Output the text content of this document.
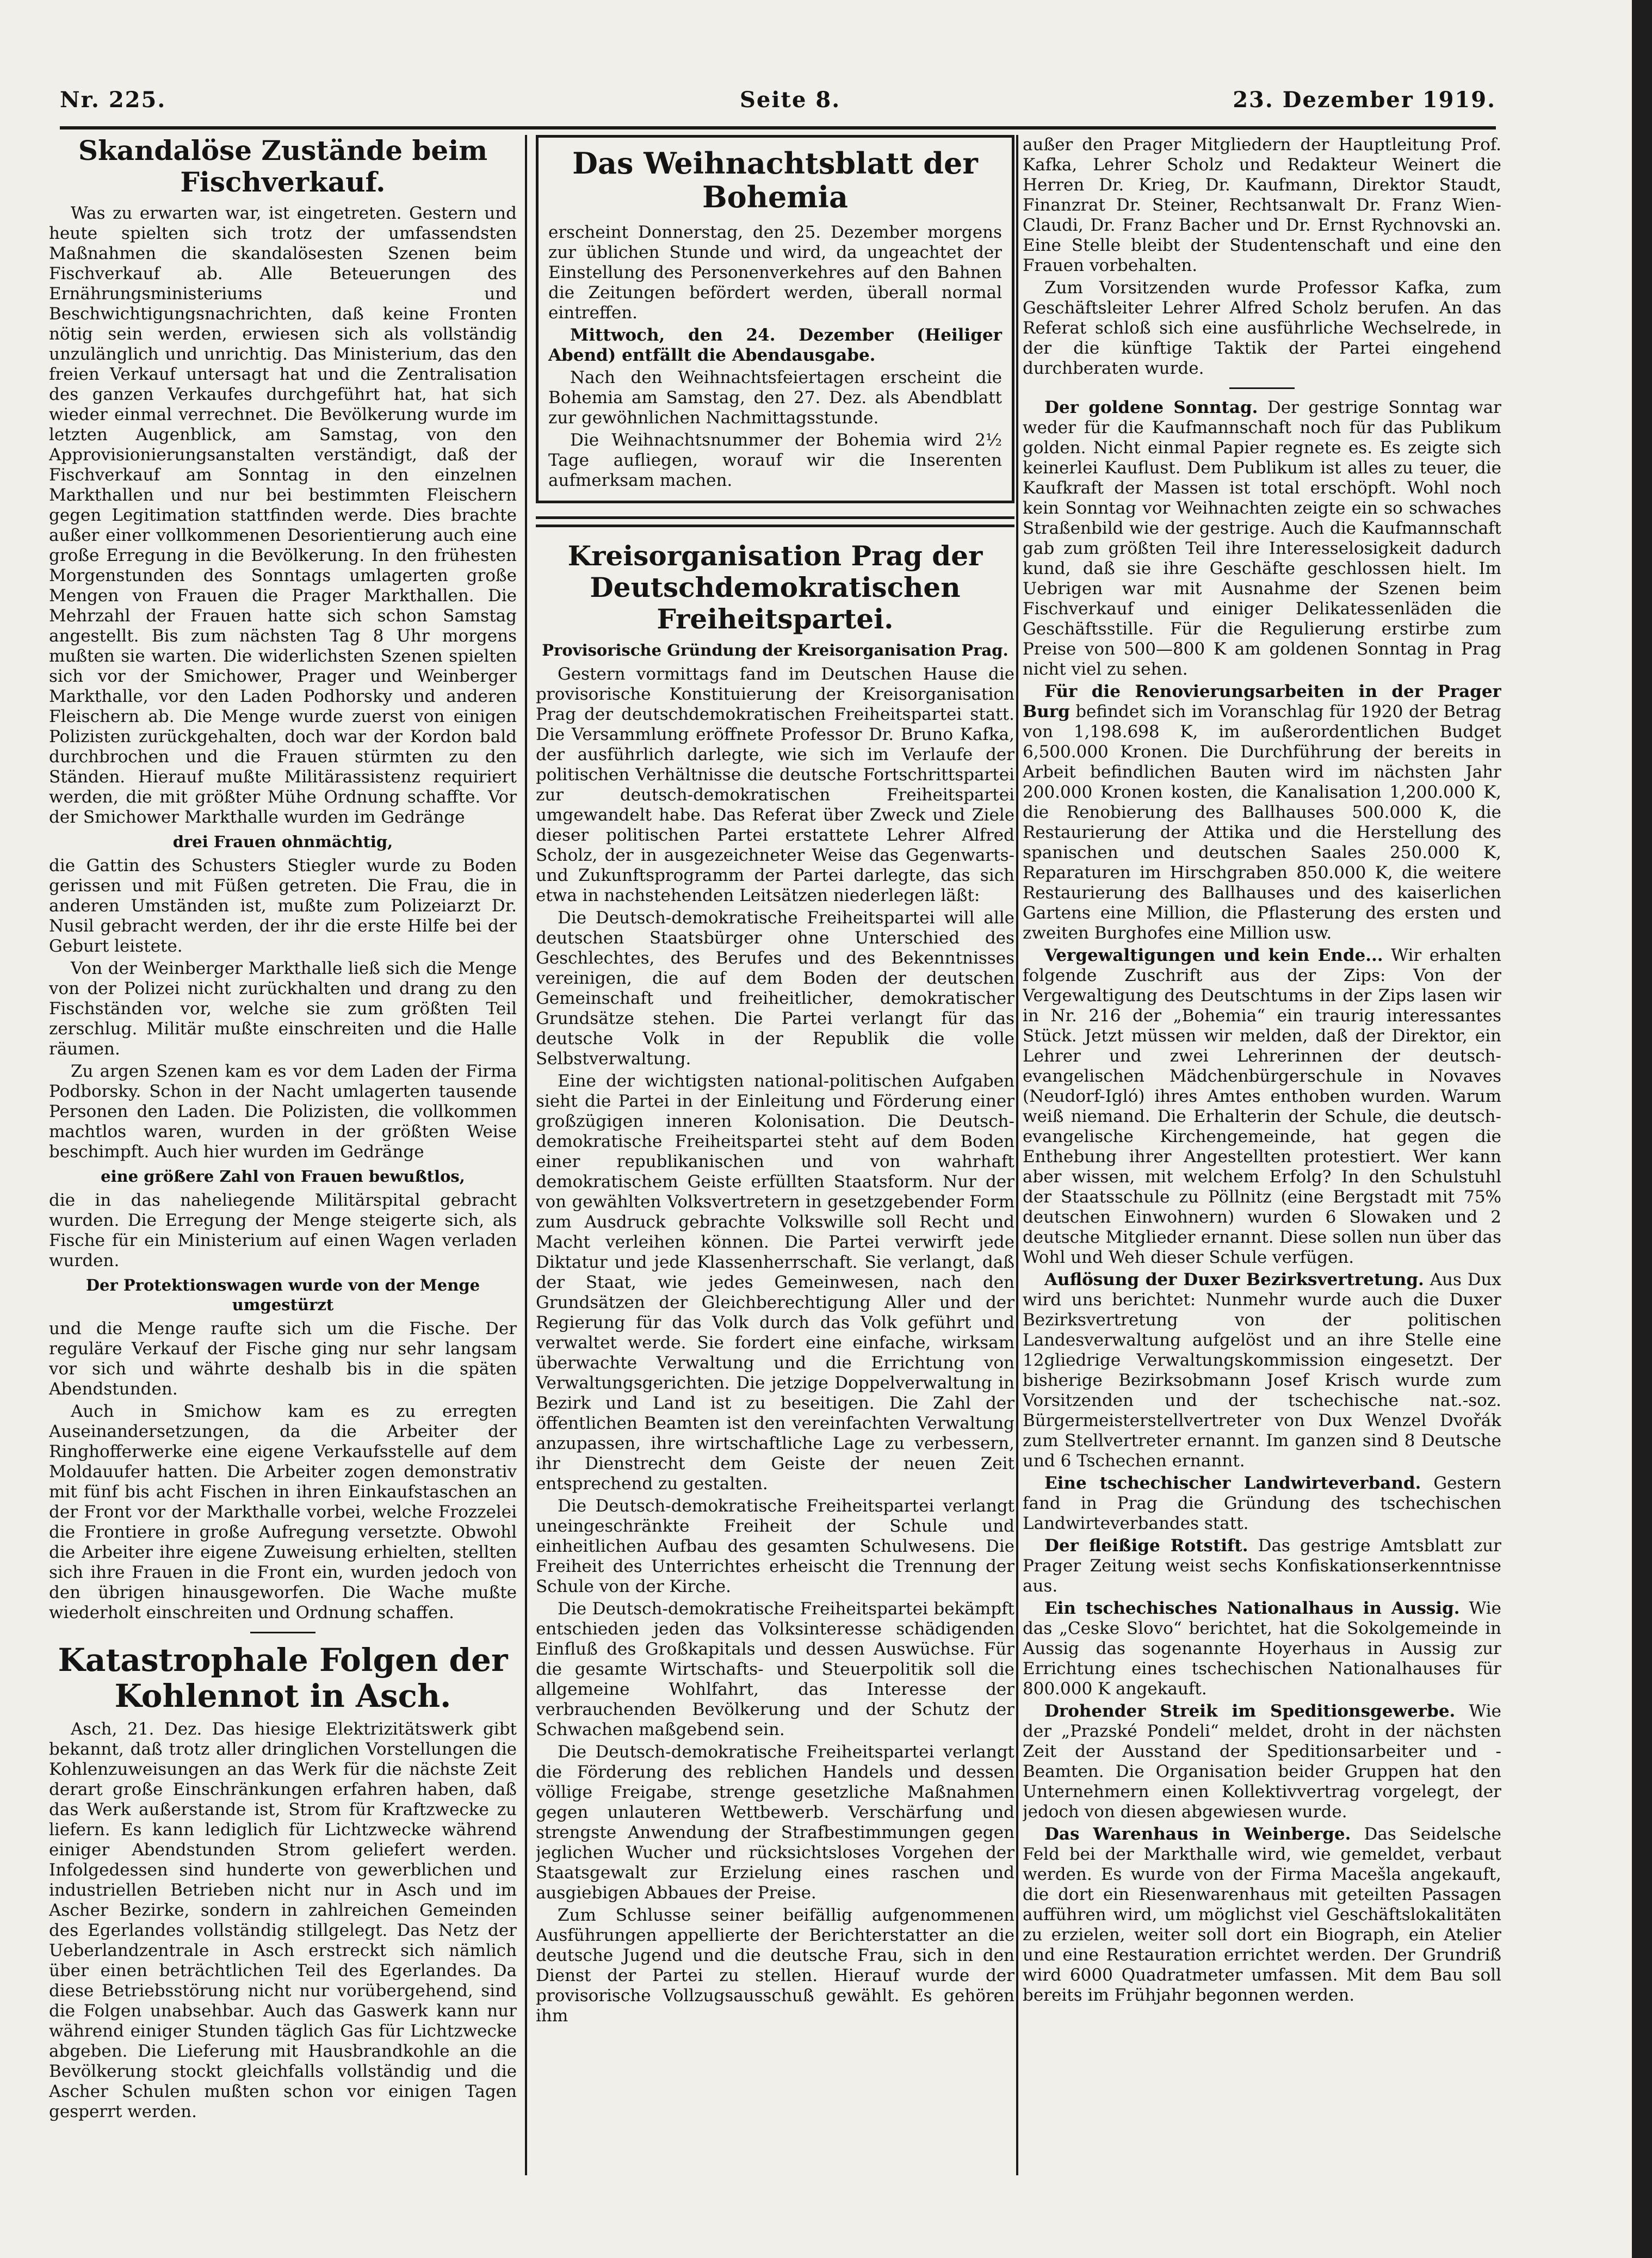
Nr. 225.	Seite 8.	23. Dezember 1919.
Skandalöse Zustände beim Fischverkauf.

Was zu erwarten war, ist eingetreten. Gestern und heute spielten sich trotz der umfassendsten Maßnahmen die skandalösesten Szenen beim Fischverkauf ab. Alle Beteuerungen des Ernährungsministeriums und Beschwichtigungsnachrichten, daß keine Fronten nötig sein werden, erwiesen sich als vollständig unzulänglich und unrichtig. Das Ministerium, das den freien Verkauf untersagt hat und die Zentralisation des ganzen Verkaufes durchgeführt hat, hat sich wieder einmal verrechnet. Die Bevölkerung wurde im letzten Augenblick, am Samstag, von den Approvisionierungsanstalten verständigt, daß der Fischverkauf am Sonntag in den einzelnen Markthallen und nur bei bestimmten Fleischern gegen Legitimation stattfinden werde. Dies brachte außer einer vollkommenen Desorientierung auch eine große Erregung in die Bevölkerung. In den frühesten Morgenstunden des Sonntags umlagerten große Mengen von Frauen die Prager Markthallen. Die Mehrzahl der Frauen hatte sich schon Samstag angestellt. Bis zum nächsten Tag 8 Uhr morgens mußten sie warten. Die widerlichsten Szenen spielten sich vor der Smichower, Prager und Weinberger Markthalle, vor den Laden Podhorsky und anderen Fleischern ab. Die Menge wurde zuerst von einigen Polizisten zurückgehalten, doch war der Kordon bald durchbrochen und die Frauen stürmten zu den Ständen. Hierauf mußte Militärassistenz requiriert werden, die mit größter Mühe Ordnung schaffte. Vor der Smichower Markthalle wurden im Gedränge

drei Frauen ohnmächtig,

die Gattin des Schusters Stiegler wurde zu Boden gerissen und mit Füßen getreten. Die Frau, die in anderen Umständen ist, mußte zum Polizeiarzt Dr. Nusil gebracht werden, der ihr die erste Hilfe bei der Geburt leistete.

Von der Weinberger Markthalle ließ sich die Menge von der Polizei nicht zurückhalten und drang zu den Fischständen vor, welche sie zum größten Teil zerschlug. Militär mußte einschreiten und die Halle räumen.

Zu argen Szenen kam es vor dem Laden der Firma Podborsky. Schon in der Nacht umlagerten tausende Personen den Laden. Die Polizisten, die vollkommen machtlos waren, wurden in der größten Weise beschimpft. Auch hier wurden im Gedränge

eine größere Zahl von Frauen bewußtlos,

die in das naheliegende Militärspital gebracht wurden. Die Erregung der Menge steigerte sich, als Fische für ein Ministerium auf einen Wagen verladen wurden.

Der Protektionswagen wurde von der Menge umgestürzt

und die Menge raufte sich um die Fische. Der reguläre Verkauf der Fische ging nur sehr langsam vor sich und währte deshalb bis in die späten Abendstunden.

Auch in Smichow kam es zu erregten Auseinandersetzungen, da die Arbeiter der Ringhofferwerke eine eigene Verkaufsstelle auf dem Moldauufer hatten. Die Arbeiter zogen demonstrativ mit fünf bis acht Fischen in ihren Einkaufstaschen an der Front vor der Markthalle vorbei, welche Frozzelei die Frontiere in große Aufregung versetzte. Obwohl die Arbeiter ihre eigene Zuweisung erhielten, stellten sich ihre Frauen in die Front ein, wurden jedoch von den übrigen hinausgeworfen. Die Wache mußte wiederholt einschreiten und Ordnung schaffen.

Katastrophale Folgen der Kohlennot in Asch.

Asch, 21. Dez. Das hiesige Elektrizitätswerk gibt bekannt, daß trotz aller dringlichen Vorstellungen die Kohlenzuweisungen an das Werk für die nächste Zeit derart große Einschränkungen erfahren haben, daß das Werk außerstande ist, Strom für Kraftzwecke zu liefern. Es kann lediglich für Lichtzwecke während einiger Abendstunden Strom geliefert werden. Infolgedessen sind hunderte von gewerblichen und industriellen Betrieben nicht nur in Asch und im Ascher Bezirke, sondern in zahlreichen Gemeinden des Egerlandes vollständig stillgelegt. Das Netz der Ueberlandzentrale in Asch erstreckt sich nämlich über einen beträchtlichen Teil des Egerlandes. Da diese Betriebsstörung nicht nur vorübergehend, sind die Folgen unabsehbar. Auch das Gaswerk kann nur während einiger Stunden täglich Gas für Lichtzwecke abgeben. Die Lieferung mit Hausbrandkohle an die Bevölkerung stockt gleichfalls vollständig und die Ascher Schulen mußten schon vor einigen Tagen gesperrt werden.

Das Weihnachtsblatt der Bohemia

erscheint Donnerstag, den 25. Dezember morgens zur üblichen Stunde und wird, da ungeachtet der Einstellung des Personenverkehres auf den Bahnen die Zeitungen befördert werden, überall normal eintreffen.

Mittwoch, den 24. Dezember (Heiliger Abend) entfällt die Abendausgabe.

Nach den Weihnachtsfeiertagen erscheint die Bohemia am Samstag, den 27. Dez. als Abendblatt zur gewöhnlichen Nachmittagsstunde.

Die Weihnachtsnummer der Bohemia wird 2½ Tage aufliegen, worauf wir die Inserenten aufmerksam machen.

Kreisorganisation Prag der Deutschdemokratischen Freiheitspartei.
Provisorische Gründung der Kreisorganisation Prag.

Gestern vormittags fand im Deutschen Hause die provisorische Konstituierung der Kreisorganisation Prag der deutschdemokratischen Freiheitspartei statt. Die Versammlung eröffnete Professor Dr. Bruno Kafka, der ausführlich darlegte, wie sich im Verlaufe der politischen Verhältnisse die deutsche Fortschrittspartei zur deutsch-demokratischen Freiheitspartei umgewandelt habe. Das Referat über Zweck und Ziele dieser politischen Partei erstattete Lehrer Alfred Scholz, der in ausgezeichneter Weise das Gegenwarts- und Zukunftsprogramm der Partei darlegte, das sich etwa in nachstehenden Leitsätzen niederlegen läßt:

Die Deutsch-demokratische Freiheitspartei will alle deutschen Staatsbürger ohne Unterschied des Geschlechtes, des Berufes und des Bekenntnisses vereinigen, die auf dem Boden der deutschen Gemeinschaft und freiheitlicher, demokratischer Grundsätze stehen. Die Partei verlangt für das deutsche Volk in der Republik die volle Selbstverwaltung.

Eine der wichtigsten national-politischen Aufgaben sieht die Partei in der Einleitung und Förderung einer großzügigen inneren Kolonisation. Die Deutsch-demokratische Freiheitspartei steht auf dem Boden einer republikanischen und von wahrhaft demokratischem Geiste erfüllten Staatsform. Nur der von gewählten Volksvertretern in gesetzgebender Form zum Ausdruck gebrachte Volkswille soll Recht und Macht verleihen können. Die Partei verwirft jede Diktatur und jede Klassenherrschaft. Sie verlangt, daß der Staat, wie jedes Gemeinwesen, nach den Grundsätzen der Gleichberechtigung Aller und der Regierung für das Volk durch das Volk geführt und verwaltet werde. Sie fordert eine einfache, wirksam überwachte Verwaltung und die Errichtung von Verwaltungsgerichten. Die jetzige Doppelverwaltung in Bezirk und Land ist zu beseitigen. Die Zahl der öffentlichen Beamten ist den vereinfachten Verwaltung anzupassen, ihre wirtschaftliche Lage zu verbessern, ihr Dienstrecht dem Geiste der neuen Zeit entsprechend zu gestalten.

Die Deutsch-demokratische Freiheitspartei verlangt uneingeschränkte Freiheit der Schule und einheitlichen Aufbau des gesamten Schulwesens. Die Freiheit des Unterrichtes erheischt die Trennung der Schule von der Kirche.

Die Deutsch-demokratische Freiheitspartei bekämpft entschieden jeden das Volksinteresse schädigenden Einfluß des Großkapitals und dessen Auswüchse. Für die gesamte Wirtschafts- und Steuerpolitik soll die allgemeine Wohlfahrt, das Interesse der verbrauchenden Bevölkerung und der Schutz der Schwachen maßgebend sein.

Die Deutsch-demokratische Freiheitspartei verlangt die Förderung des reblichen Handels und dessen völlige Freigabe, strenge gesetzliche Maßnahmen gegen unlauteren Wettbewerb. Verschärfung und strengste Anwendung der Strafbestimmungen gegen jeglichen Wucher und rücksichtsloses Vorgehen der Staatsgewalt zur Erzielung eines raschen und ausgiebigen Abbaues der Preise.

Zum Schlusse seiner beifällig aufgenommenen Ausführungen appellierte der Berichterstatter an die deutsche Jugend und die deutsche Frau, sich in den Dienst der Partei zu stellen. Hierauf wurde der provisorische Vollzugsausschuß gewählt. Es gehören ihm

außer den Prager Mitgliedern der Hauptleitung Prof. Kafka, Lehrer Scholz und Redakteur Weinert die Herren Dr. Krieg, Dr. Kaufmann, Direktor Staudt, Finanzrat Dr. Steiner, Rechtsanwalt Dr. Franz Wien-Claudi, Dr. Franz Bacher und Dr. Ernst Rychnovski an. Eine Stelle bleibt der Studentenschaft und eine den Frauen vorbehalten.

Zum Vorsitzenden wurde Professor Kafka, zum Geschäftsleiter Lehrer Alfred Scholz berufen. An das Referat schloß sich eine ausführliche Wechselrede, in der die künftige Taktik der Partei eingehend durchberaten wurde.

Der goldene Sonntag. Der gestrige Sonntag war weder für die Kaufmannschaft noch für das Publikum golden. Nicht einmal Papier regnete es. Es zeigte sich keinerlei Kauflust. Dem Publikum ist alles zu teuer, die Kaufkraft der Massen ist total erschöpft. Wohl noch kein Sonntag vor Weihnachten zeigte ein so schwaches Straßenbild wie der gestrige. Auch die Kaufmannschaft gab zum größten Teil ihre Interesselosigkeit dadurch kund, daß sie ihre Geschäfte geschlossen hielt. Im Uebrigen war mit Ausnahme der Szenen beim Fischverkauf und einiger Delikatessenläden die Geschäftsstille. Für die Regulierung erstirbe zum Preise von 500—800 K am goldenen Sonntag in Prag nicht viel zu sehen.

Für die Renovierungsarbeiten in der Prager Burg befindet sich im Voranschlag für 1920 der Betrag von 1,198.698 K, im außerordentlichen Budget 6,500.000 Kronen. Die Durchführung der bereits in Arbeit befindlichen Bauten wird im nächsten Jahr 200.000 Kronen kosten, die Kanalisation 1,200.000 K, die Renobierung des Ballhauses 500.000 K, die Restaurierung der Attika und die Herstellung des spanischen und deutschen Saales 250.000 K, Reparaturen im Hirschgraben 850.000 K, die weitere Restaurierung des Ballhauses und des kaiserlichen Gartens eine Million, die Pflasterung des ersten und zweiten Burghofes eine Million usw.

Vergewaltigungen und kein Ende... Wir erhalten folgende Zuschrift aus der Zips: Von der Vergewaltigung des Deutschtums in der Zips lasen wir in Nr. 216 der „Bohemia“ ein traurig interessantes Stück. Jetzt müssen wir melden, daß der Direktor, ein Lehrer und zwei Lehrerinnen der deutsch-evangelischen Mädchenbürgerschule in Novaves (Neudorf-Igló) ihres Amtes enthoben wurden. Warum weiß niemand. Die Erhalterin der Schule, die deutsch-evangelische Kirchengemeinde, hat gegen die Enthebung ihrer Angestellten protestiert. Wer kann aber wissen, mit welchem Erfolg? In den Schulstuhl der Staatsschule zu Pöllnitz (eine Bergstadt mit 75% deutschen Einwohnern) wurden 6 Slowaken und 2 deutsche Mitglieder ernannt. Diese sollen nun über das Wohl und Weh dieser Schule verfügen.

Auflösung der Duxer Bezirksvertretung. Aus Dux wird uns berichtet: Nunmehr wurde auch die Duxer Bezirksvertretung von der politischen Landesverwaltung aufgelöst und an ihre Stelle eine 12gliedrige Verwaltungskommission eingesetzt. Der bisherige Bezirksobmann Josef Krisch wurde zum Vorsitzenden und der tschechische nat.-soz. Bürgermeisterstellvertreter von Dux Wenzel Dvořák zum Stellvertreter ernannt. Im ganzen sind 8 Deutsche und 6 Tschechen ernannt.

Eine tschechischer Landwirteverband. Gestern fand in Prag die Gründung des tschechischen Landwirteverbandes statt.

Der fleißige Rotstift. Das gestrige Amtsblatt zur Prager Zeitung weist sechs Konfiskationserkenntnisse aus.

Ein tschechisches Nationalhaus in Aussig. Wie das „Ceske Slovo“ berichtet, hat die Sokolgemeinde in Aussig das sogenannte Hoyerhaus in Aussig zur Errichtung eines tschechischen Nationalhauses für 800.000 K angekauft.

Drohender Streik im Speditionsgewerbe. Wie der „Prazské Pondeli“ meldet, droht in der nächsten Zeit der Ausstand der Speditionsarbeiter und -Beamten. Die Organisation beider Gruppen hat den Unternehmern einen Kollektivvertrag vorgelegt, der jedoch von diesen abgewiesen wurde.

Das Warenhaus in Weinberge. Das Seidelsche Feld bei der Markthalle wird, wie gemeldet, verbaut werden. Es wurde von der Firma Macešla angekauft, die dort ein Riesenwarenhaus mit geteilten Passagen aufführen wird, um möglichst viel Geschäftslokalitäten zu erzielen, weiter soll dort ein Biograph, ein Atelier und eine Restauration errichtet werden. Der Grundriß wird 6000 Quadratmeter umfassen. Mit dem Bau soll bereits im Frühjahr begonnen werden.
